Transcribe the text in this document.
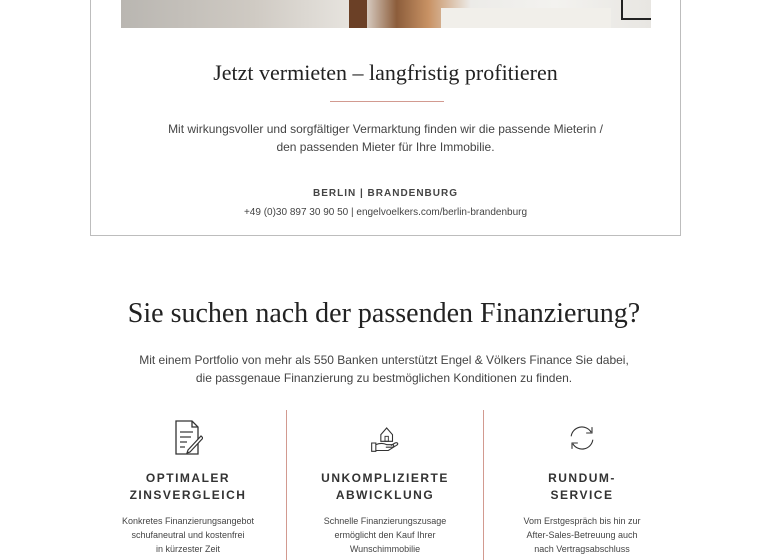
Jetzt vermieten – langfristig profitieren

Mit wirkungsvoller und sorgfältiger Vermarktung finden wir die passende Mieterin /
den passenden Mieter für Ihre Immobilie.

BERLIN | BRANDENBURG
+49 (0)30 897 30 90 50 | engelvoelkers.com/berlin-brandenburg
Sie suchen nach der passenden Finanzierung?

Mit einem Portfolio von mehr als 550 Banken unterstützt Engel & Völkers Finance Sie dabei,
die passgenaue Finanzierung zu bestmöglichen Konditionen zu finden.

OPTIMALER
ZINSVERGLEICH

Konkretes Finanzierungsangebot
schufaneutral und kostenfrei
in kürzester Zeit

UNKOMPLIZIERTE
ABWICKLUNG

Schnelle Finanzierungszusage
ermöglicht den Kauf Ihrer
Wunschimmobilie

RUNDUM-
SERVICE

Vom Erstgespräch bis hin zur
After-Sales-Betreuung auch
nach Vertragsabschluss
